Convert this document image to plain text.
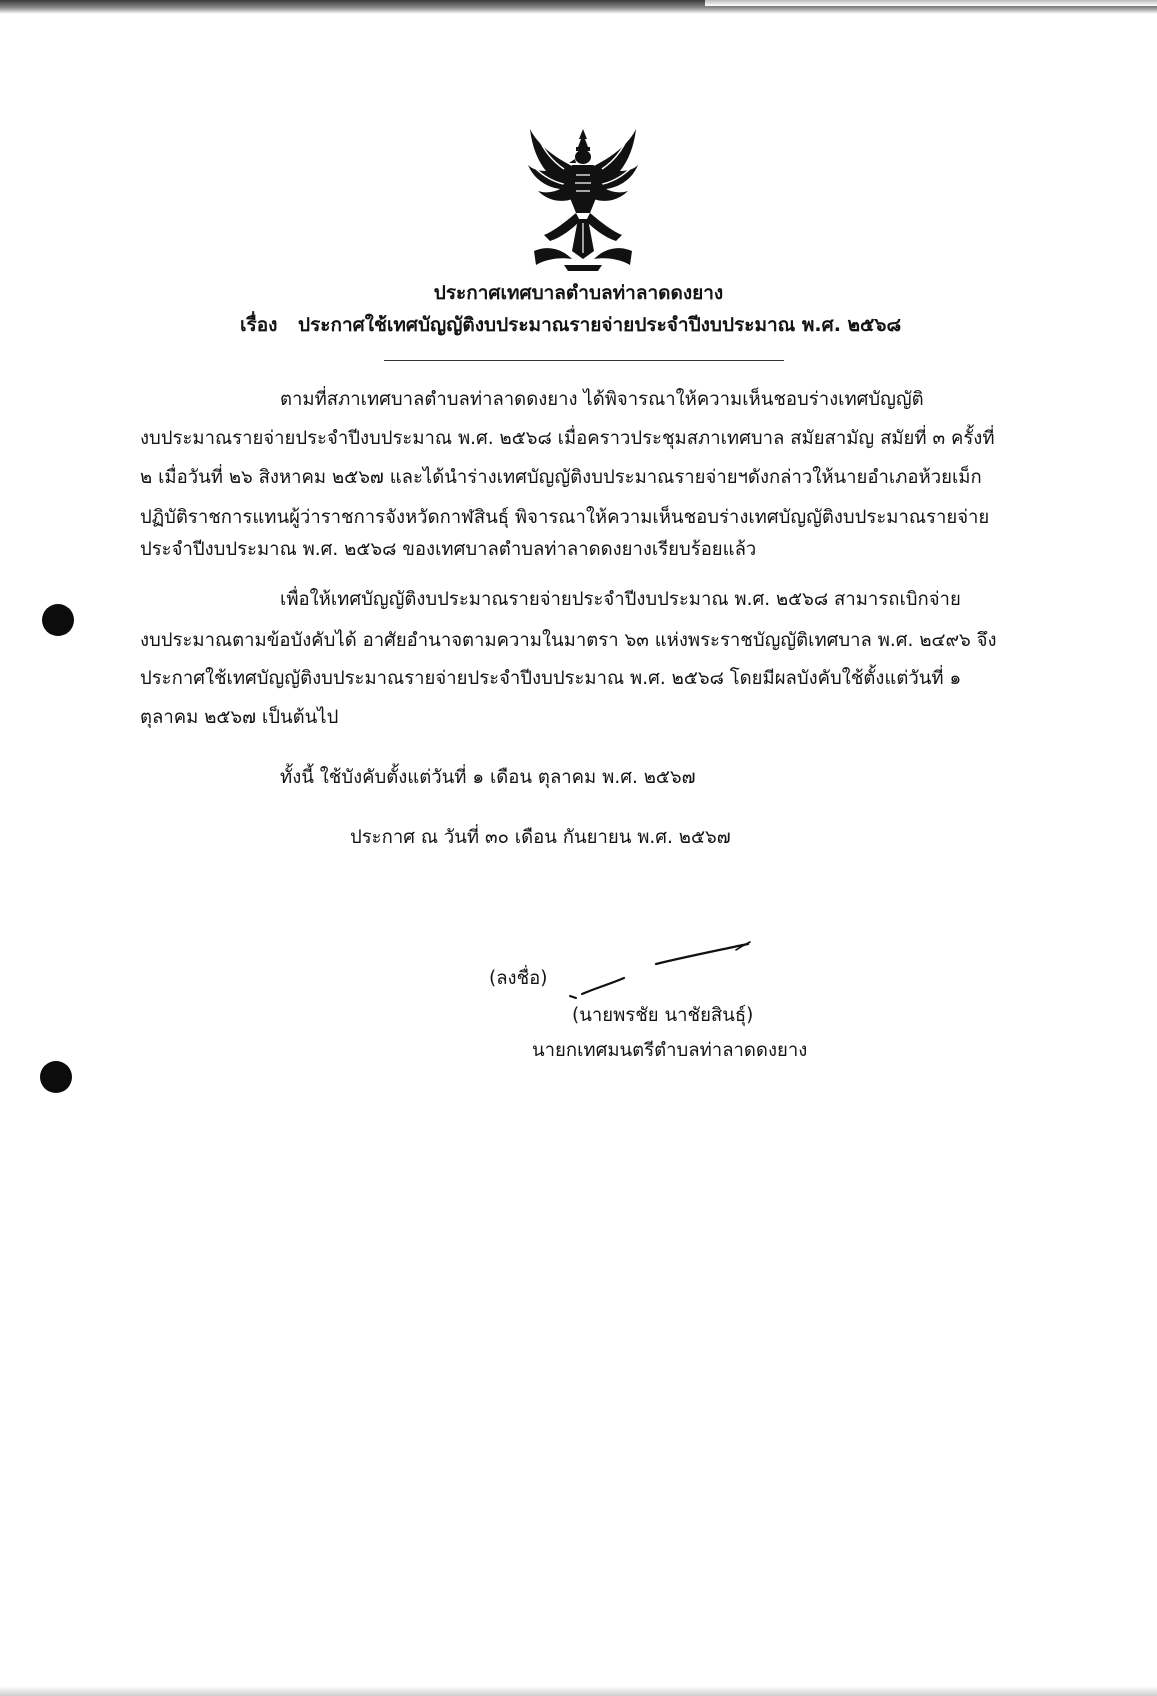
ประกาศเทศบาลตำบลท่าลาดดงยาง
เรื่อง ประกาศใช้เทศบัญญัติงบประมาณรายจ่ายประจำปีงบประมาณ พ.ศ. ๒๕๖๘
ตามที่สภาเทศบาลตำบลท่าลาดดงยาง ได้พิจารณาให้ความเห็นชอบร่างเทศบัญญัติ
งบประมาณรายจ่ายประจำปีงบประมาณ พ.ศ. ๒๕๖๘ เมื่อคราวประชุมสภาเทศบาล สมัยสามัญ สมัยที่ ๓ ครั้งที่
๒ เมื่อวันที่ ๒๖ สิงหาคม ๒๕๖๗ และได้นำร่างเทศบัญญัติงบประมาณรายจ่ายฯดังกล่าวให้นายอำเภอห้วยเม็ก
ปฏิบัติราชการแทนผู้ว่าราชการจังหวัดกาฬสินธุ์ พิจารณาให้ความเห็นชอบร่างเทศบัญญัติงบประมาณรายจ่าย
ประจำปีงบประมาณ พ.ศ. ๒๕๖๘ ของเทศบาลตำบลท่าลาดดงยางเรียบร้อยแล้ว
เพื่อให้เทศบัญญัติงบประมาณรายจ่ายประจำปีงบประมาณ พ.ศ. ๒๕๖๘ สามารถเบิกจ่าย
งบประมาณตามข้อบังคับได้ อาศัยอำนาจตามความในมาตรา ๖๓ แห่งพระราชบัญญัติเทศบาล พ.ศ. ๒๔๙๖ จึง
ประกาศใช้เทศบัญญัติงบประมาณรายจ่ายประจำปีงบประมาณ พ.ศ. ๒๕๖๘ โดยมีผลบังคับใช้ตั้งแต่วันที่ ๑
ตุลาคม ๒๕๖๗ เป็นต้นไป
ทั้งนี้ ใช้บังคับตั้งแต่วันที่ ๑ เดือน ตุลาคม พ.ศ. ๒๕๖๗
ประกาศ ณ วันที่ ๓๐ เดือน กันยายน พ.ศ. ๒๕๖๗
(ลงชื่อ)
(นายพรชัย นาชัยสินธุ์)
นายกเทศมนตรีตำบลท่าลาดดงยาง
